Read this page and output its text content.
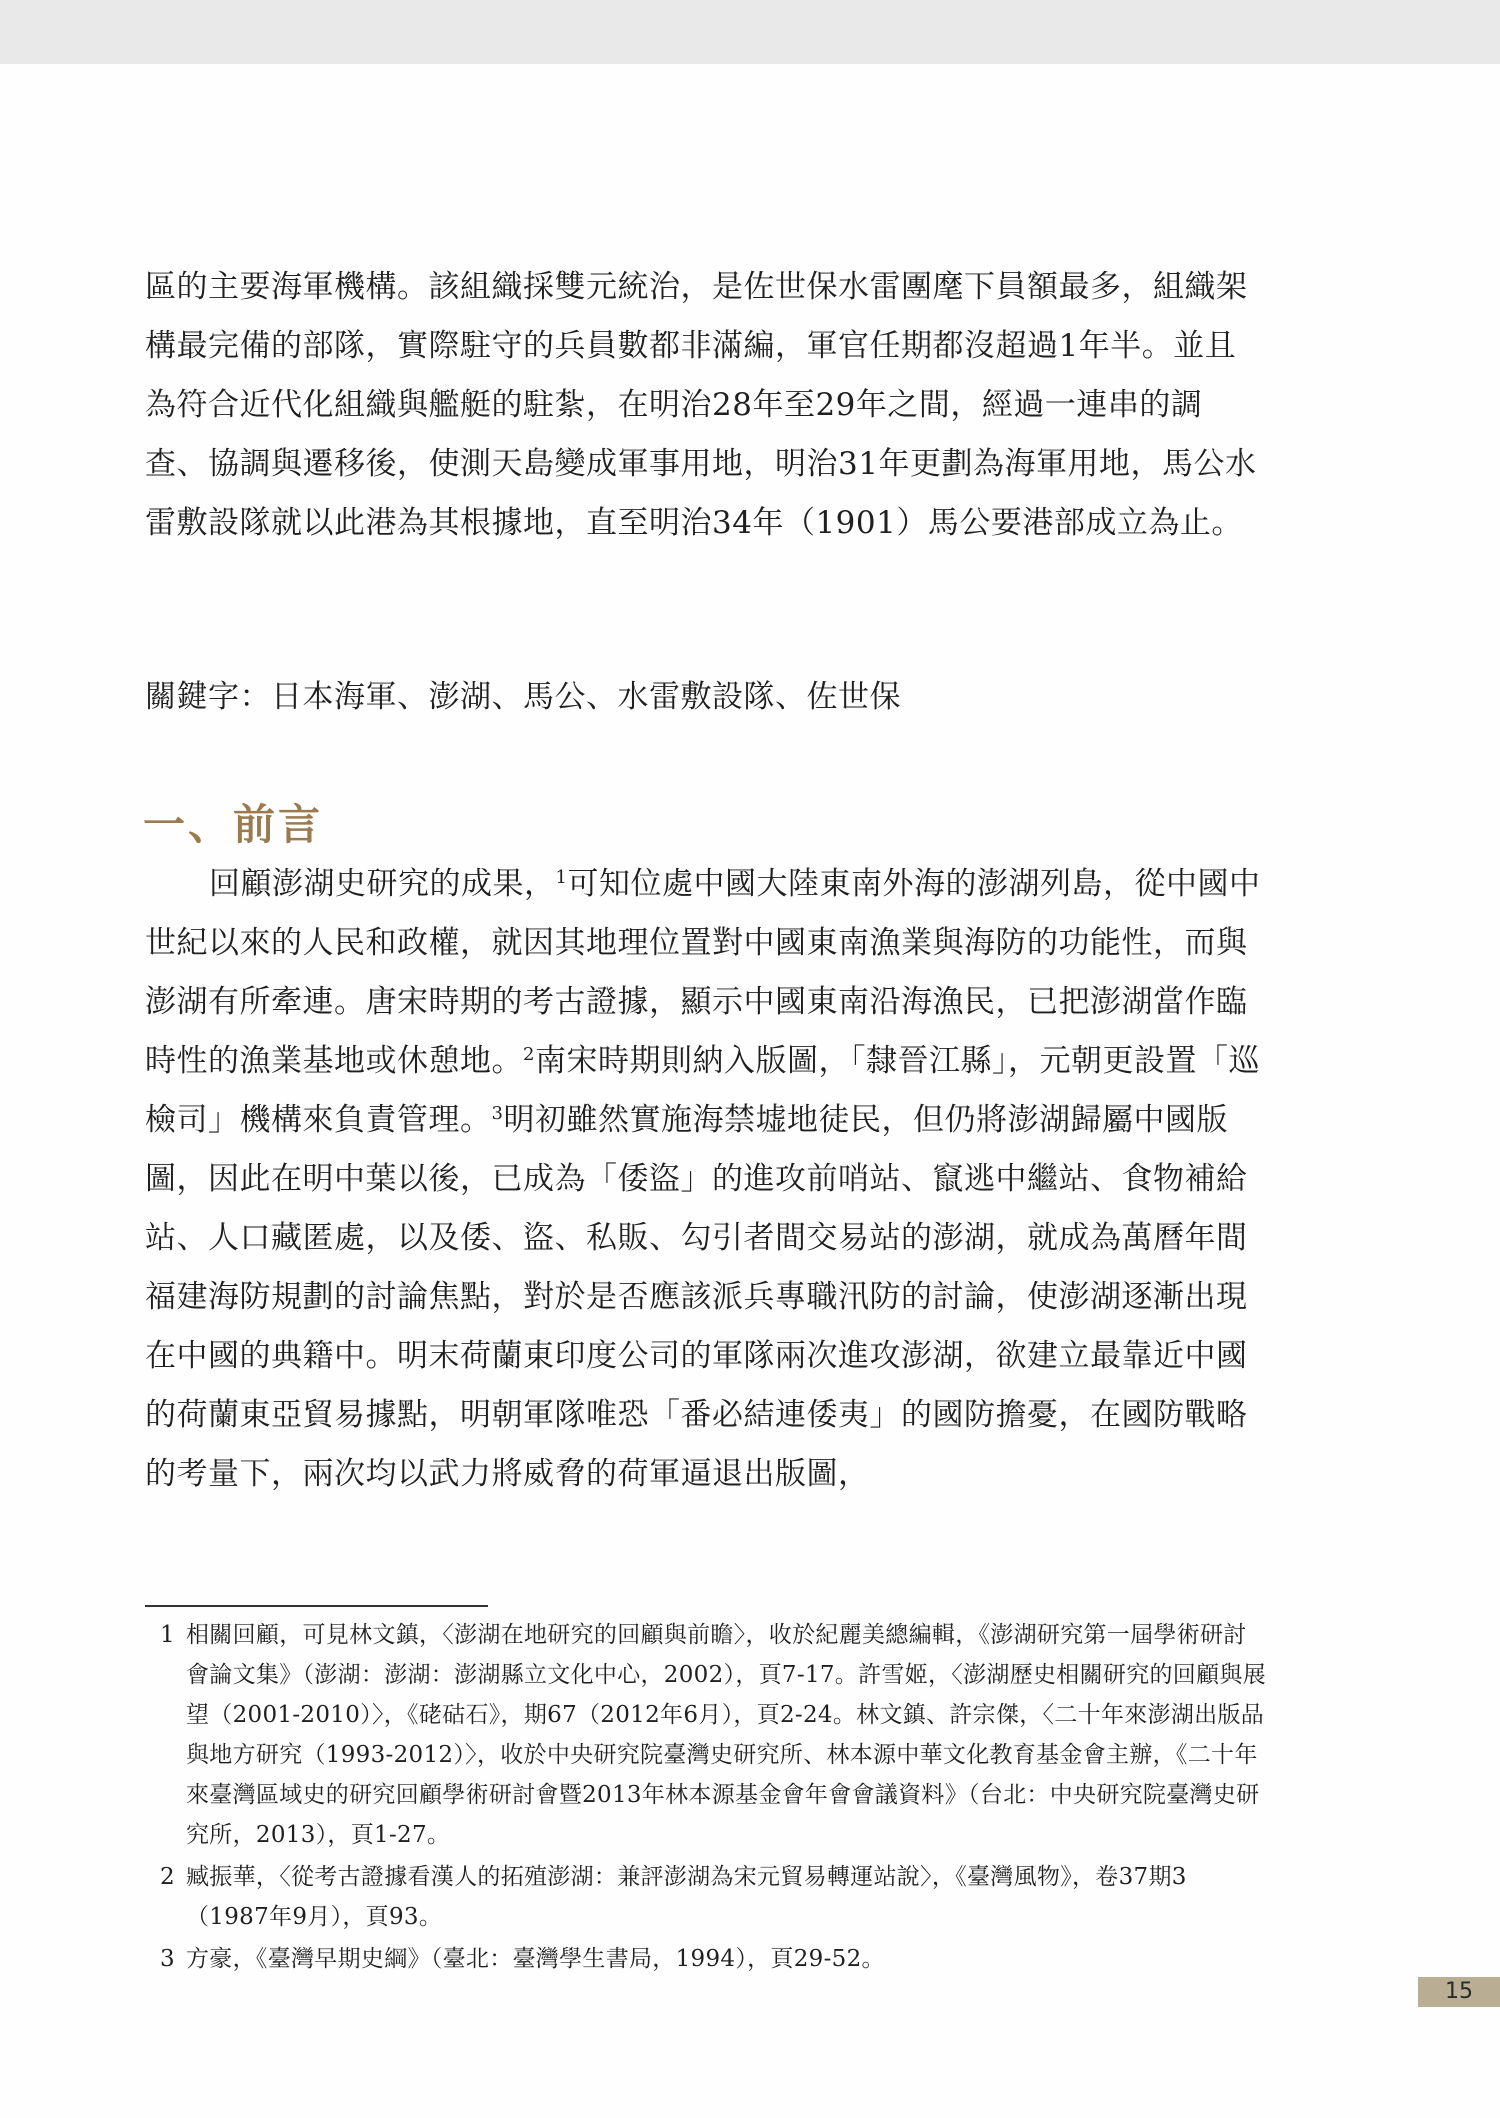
區的主要海軍機構。該組織採雙元統治，是佐世保水雷團麾下員額最多，組織架構最完備的部隊，實際駐守的兵員數都非滿編，軍官任期都沒超過1年半。並且為符合近代化組織與艦艇的駐紮，在明治28年至29年之間，經過一連串的調查、協調與遷移後，使測天島變成軍事用地，明治31年更劃為海軍用地，馬公水雷敷設隊就以此港為其根據地，直至明治34年（1901）馬公要港部成立為止。

關鍵字：日本海軍、澎湖、馬公、水雷敷設隊、佐世保

一、前言

回顧澎湖史研究的成果，$^1$可知位處中國大陸東南外海的澎湖列島，從中國中世紀以來的人民和政權，就因其地理位置對中國東南漁業與海防的功能性，而與澎湖有所牽連。唐宋時期的考古證據，顯示中國東南沿海漁民，已把澎湖當作臨時性的漁業基地或休憩地。$^2$南宋時期則納入版圖，「隸晉江縣」，元朝更設置「巡檢司」機構來負責管理。$^3$明初雖然實施海禁墟地徒民，但仍將澎湖歸屬中國版圖，因此在明中葉以後，已成為「倭盜」的進攻前哨站、竄逃中繼站、食物補給站、人口藏匿處，以及倭、盜、私販、勾引者間交易站的澎湖，就成為萬曆年間福建海防規劃的討論焦點，對於是否應該派兵專職汛防的討論，使澎湖逐漸出現在中國的典籍中。明末荷蘭東印度公司的軍隊兩次進攻澎湖，欲建立最靠近中國的荷蘭東亞貿易據點，明朝軍隊唯恐「番必結連倭夷」的國防擔憂，在國防戰略的考量下，兩次均以武力將威脅的荷軍逼退出版圖，

1 相關回顧，可見林文鎮，〈澎湖在地研究的回顧與前瞻〉，收於紀麗美總編輯，《澎湖研究第一屆學術研討會論文集》（澎湖：澎湖：澎湖縣立文化中心，2002），頁7-17。許雪姬，〈澎湖歷史相關研究的回顧與展望（2001-2010）〉，《硓𥑮石》，期67（2012年6月），頁2-24。林文鎮、許宗傑，〈二十年來澎湖出版品與地方研究（1993-2012）〉，收於中央研究院臺灣史研究所、林本源中華文化教育基金會主辦，《二十年來臺灣區域史的研究回顧學術研討會暨2013年林本源基金會年會會議資料》（台北：中央研究院臺灣史研究所，2013），頁1-27。

2 臧振華，〈從考古證據看漢人的拓殖澎湖：兼評澎湖為宋元貿易轉運站說〉，《臺灣風物》，卷37期3（1987年9月），頁93。

3 方豪，《臺灣早期史綱》（臺北：臺灣學生書局，1994），頁29-52。

15
